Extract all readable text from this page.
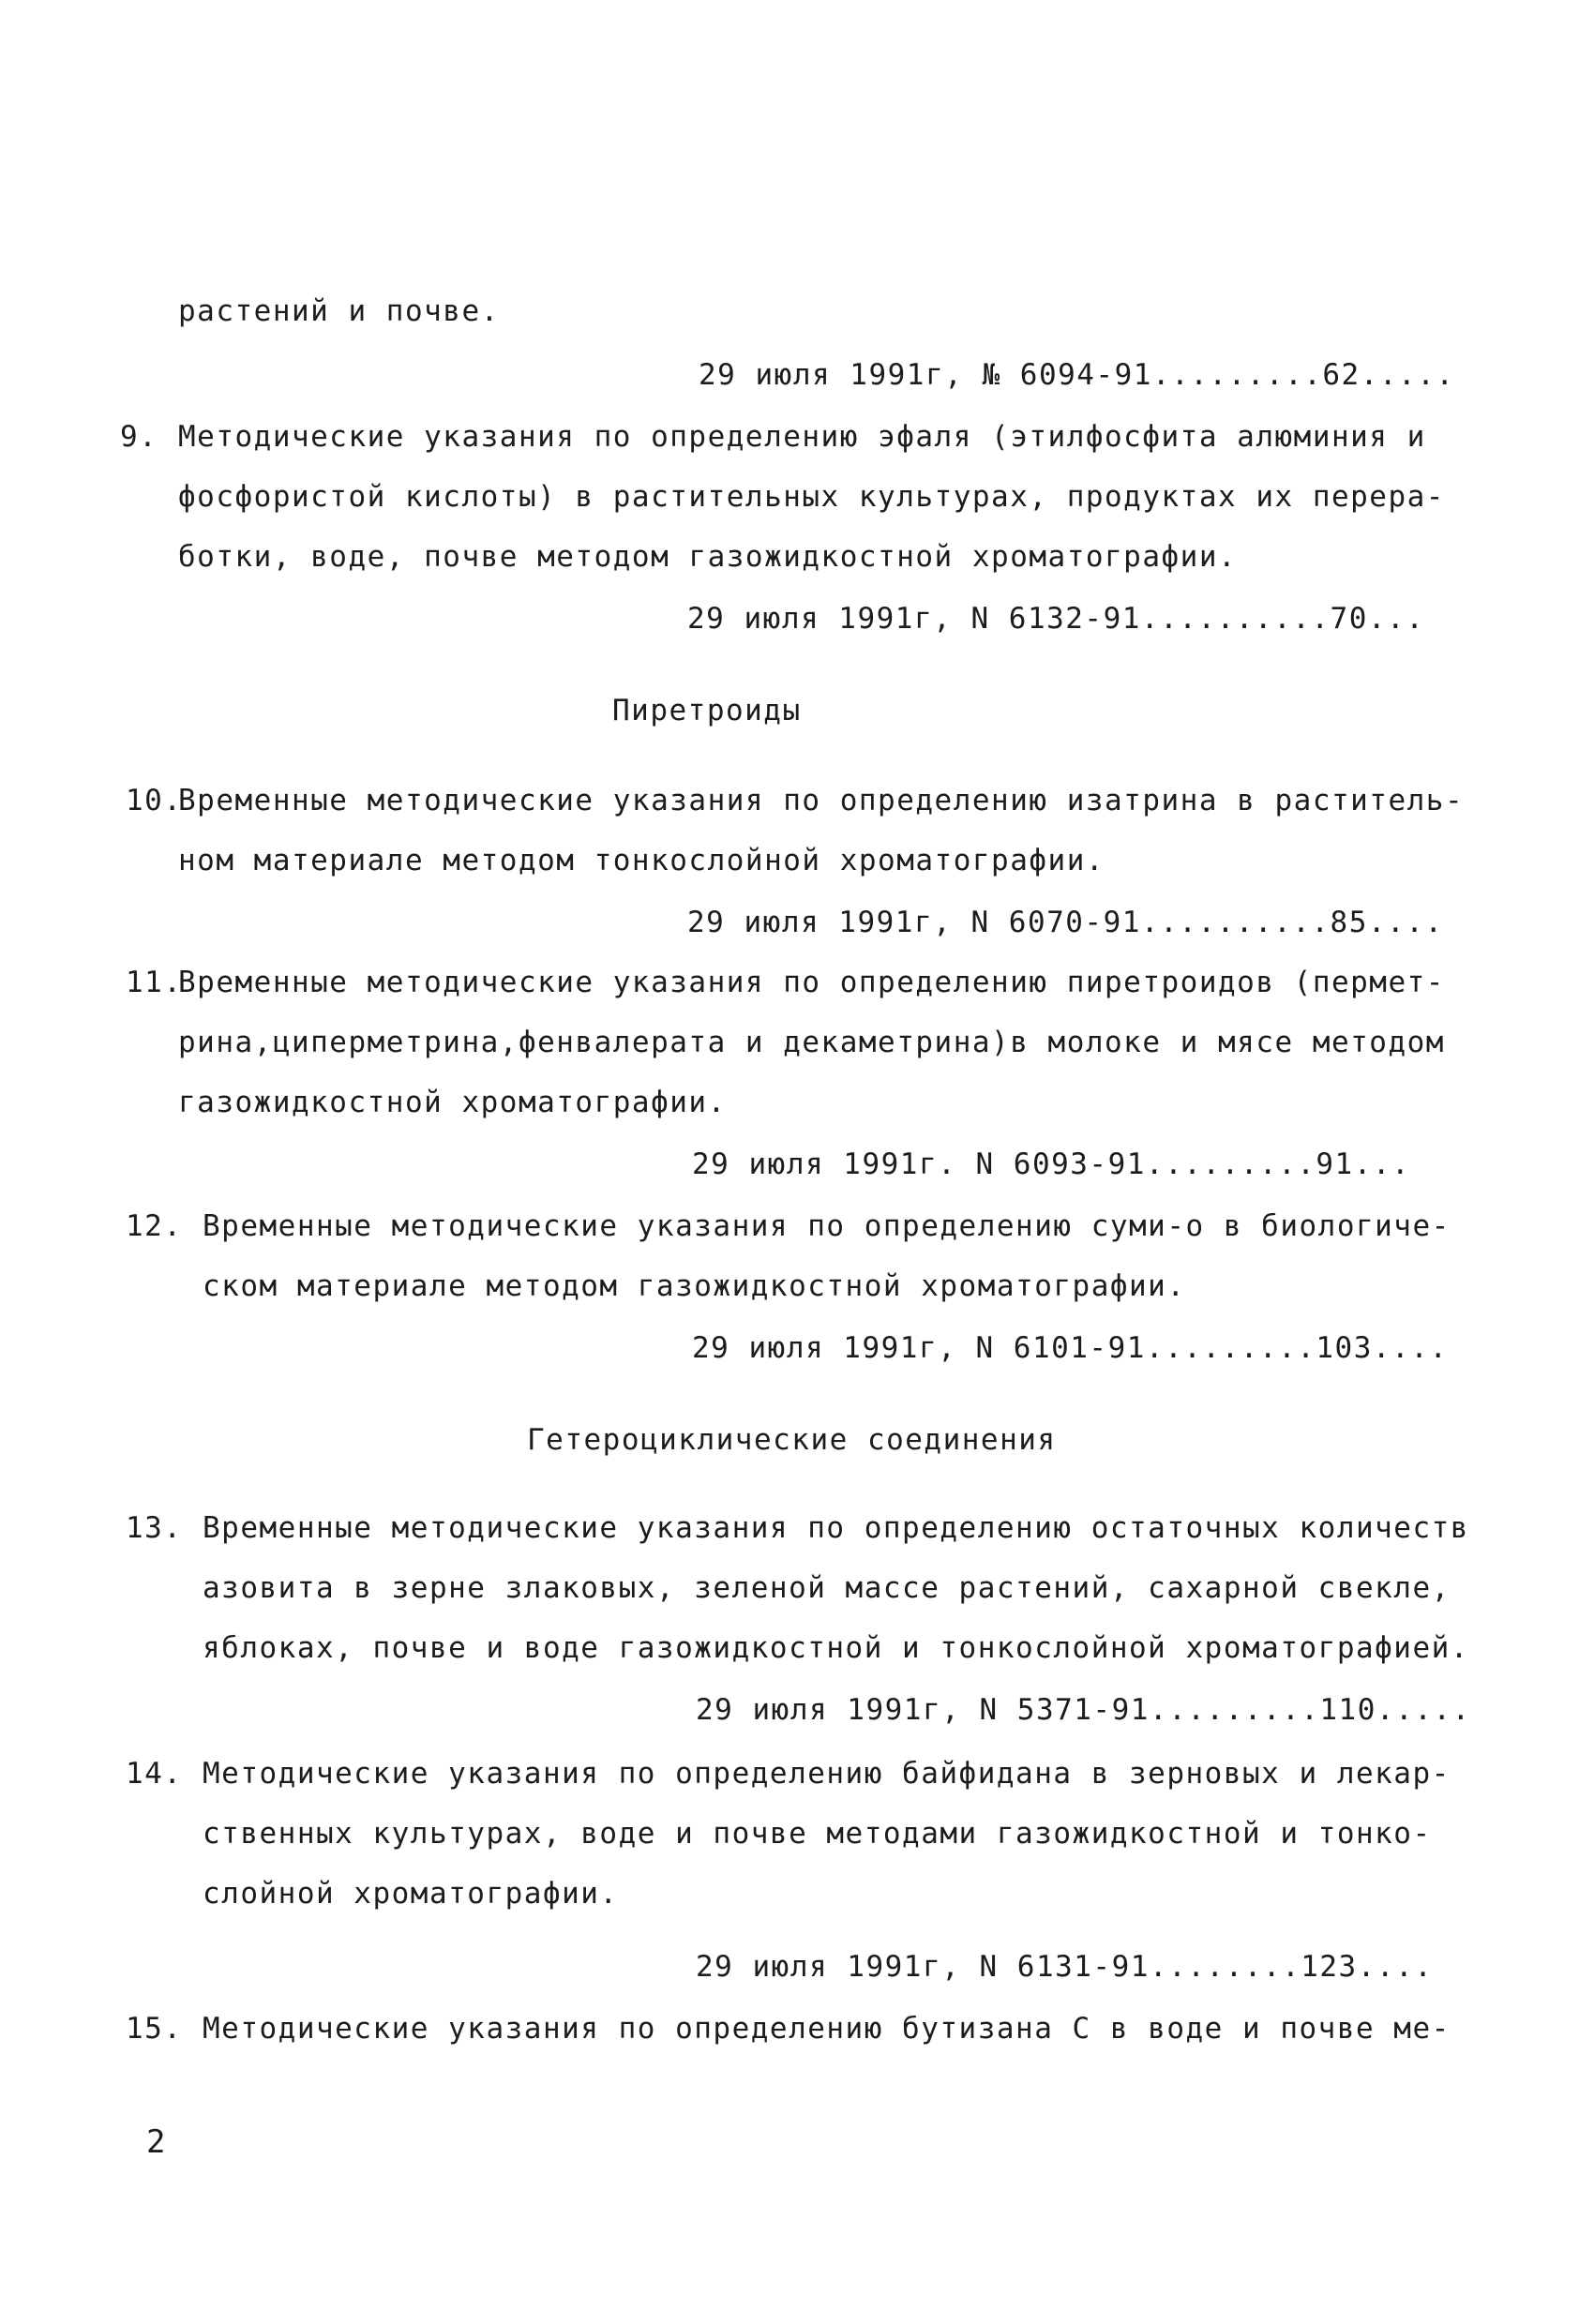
растений и почве.
29 июля 1991г, № 6094-91.........62.....
9. Методические указания по определению эфаля (этилфосфита алюминия и
фосфористой кислоты) в растительных культурах, продуктах их перера-
ботки, воде, почве методом газожидкостной хроматографии.
29 июля 1991г, N 6132-91..........70...
Пиретроиды
10.
Временные методические указания по определению изатрина в раститель-
ном материале методом тонкослойной хроматографии.
29 июля 1991г, N 6070-91..........85....
11.
Временные методические указания по определению пиретроидов (пермет-
рина,циперметрина,фенвалерата и декаметрина)в молоке и мясе методом
газожидкостной хроматографии.
29 июля 1991г. N 6093-91.........91...
12. Временные методические указания по определению суми-о в биологиче-
ском материале методом газожидкостной хроматографии.
29 июля 1991г, N 6101-91.........103....
Гетероциклические соединения
13. Временные методические указания по определению остаточных количеств
азовита в зерне злаковых, зеленой массе растений, сахарной свекле,
яблоках, почве и воде газожидкостной и тонкослойной хроматографией.
29 июля 1991г, N 5371-91.........110.....
14. Методические указания по определению байфидана в зерновых и лекар-
ственных культурах, воде и почве методами газожидкостной и тонко-
слойной хроматографии.
29 июля 1991г, N 6131-91........123....
15. Методические указания по определению бутизана С в воде и почве ме-
2
